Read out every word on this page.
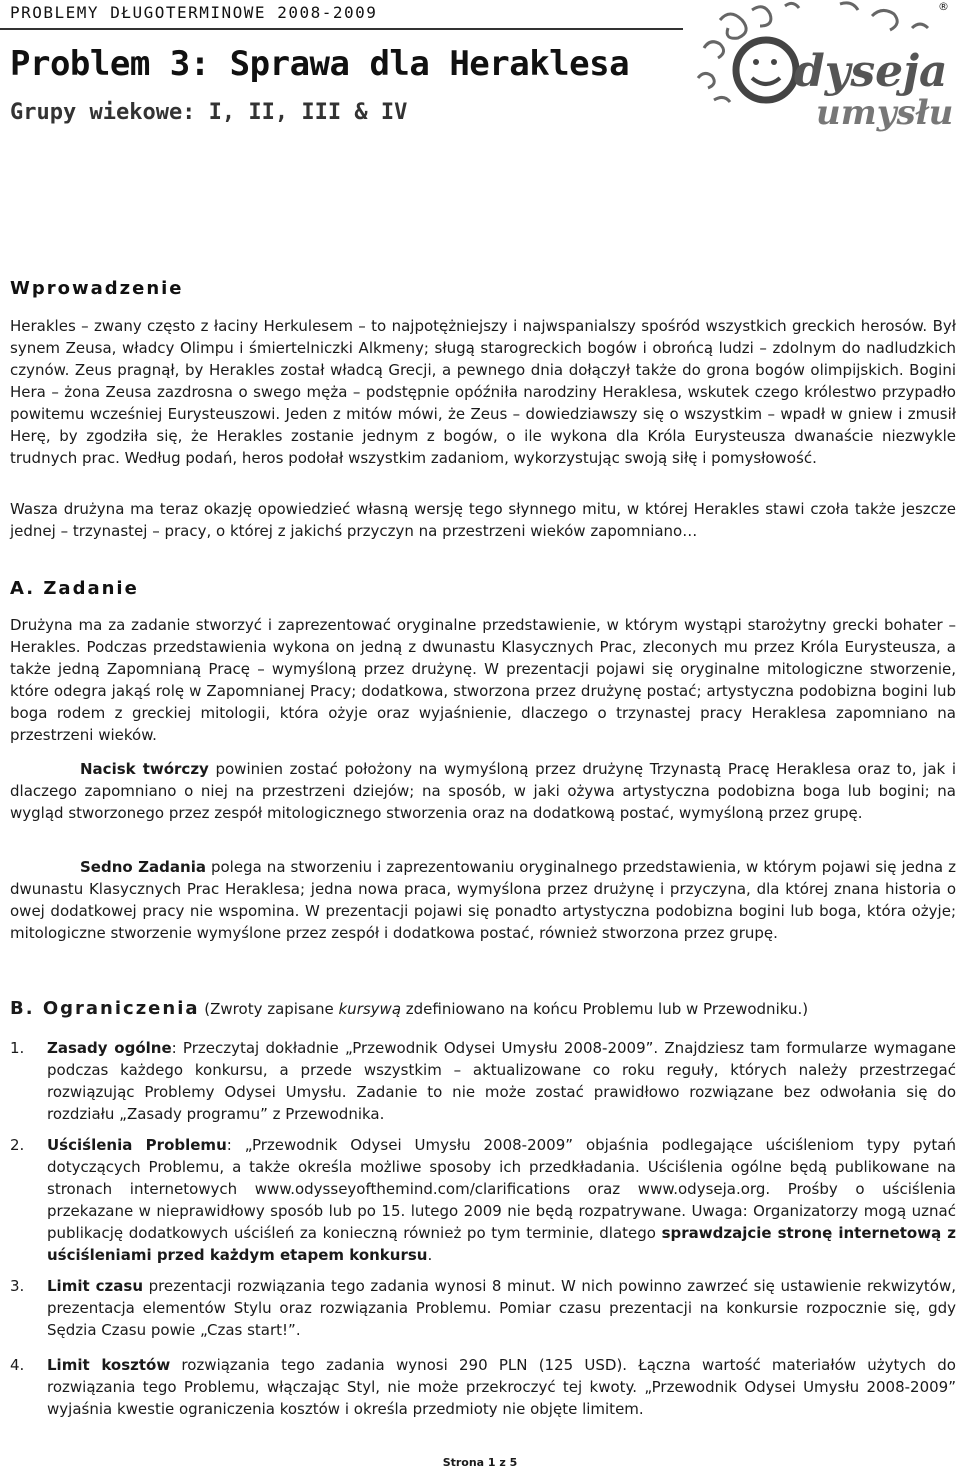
PROBLEMY DŁUGOTERMINOWE 2008-2009
Problem 3: Sprawa dla Heraklesa
Grupy wiekowe: I, II, III & IV
dyseja
umysłu
®
Wprowadzenie
Herakles – zwany często z łaciny Herkulesem – to najpotężniejszy i najwspanialszy spośród wszystkich greckich herosów. Był synem Zeusa, władcy Olimpu i śmiertelniczki Alkmeny; sługą starogreckich bogów i obrońcą ludzi – zdolnym do nadludzkich czynów. Zeus pragnął, by Herakles został władcą Grecji, a pewnego dnia dołączył także do grona bogów olimpijskich. Bogini Hera – żona Zeusa zazdrosna o swego męża – podstępnie opóźniła narodziny Heraklesa, wskutek czego królestwo przypadło powitemu wcześniej Eurysteuszowi. Jeden z mitów mówi, że Zeus – dowiedziawszy się o wszystkim – wpadł w gniew i zmusił Herę, by zgodziła się, że Herakles zostanie jednym z bogów, o ile wykona dla Króla Eurysteusza dwanaście niezwykle trudnych prac. Według podań, heros podołał wszystkim zadaniom, wykorzystując swoją siłę i pomysłowość.
Wasza drużyna ma teraz okazję opowiedzieć własną wersję tego słynnego mitu, w której Herakles stawi czoła także jeszcze jednej – trzynastej – pracy, o której z jakichś przyczyn na przestrzeni wieków zapomniano…
A. Zadanie
Drużyna ma za zadanie stworzyć i zaprezentować oryginalne przedstawienie, w którym wystąpi starożytny grecki bohater – Herakles. Podczas przedstawienia wykona on jedną z dwunastu Klasycznych Prac, zleconych mu przez Króla Eurysteusza, a także jedną Zapomnianą Pracę – wymyśloną przez drużynę. W prezentacji pojawi się oryginalne mitologiczne stworzenie, które odegra jakąś rolę w Zapomnianej Pracy; dodatkowa, stworzona przez drużynę postać; artystyczna podobizna bogini lub boga rodem z greckiej mitologii, która ożyje oraz wyjaśnienie, dlaczego o trzynastej pracy Heraklesa zapomniano na przestrzeni wieków.
Nacisk twórczy powinien zostać położony na wymyśloną przez drużynę Trzynastą Pracę Heraklesa oraz to, jak i dlaczego zapomniano o niej na przestrzeni dziejów; na sposób, w jaki ożywa artystyczna podobizna boga lub bogini; na wygląd stworzonego przez zespół mitologicznego stworzenia oraz na dodatkową postać, wymyśloną przez grupę.
Sedno Zadania polega na stworzeniu i zaprezentowaniu oryginalnego przedstawienia, w którym pojawi się jedna z dwunastu Klasycznych Prac Heraklesa; jedna nowa praca, wymyślona przez drużynę i przyczyna, dla której znana historia o owej dodatkowej pracy nie wspomina. W prezentacji pojawi się ponadto artystyczna podobizna bogini lub boga, która ożyje; mitologiczne stworzenie wymyślone przez zespół i dodatkowa postać, również stworzona przez grupę.
B. Ograniczenia (Zwroty zapisane kursywą zdefiniowano na końcu Problemu lub w Przewodniku.)
1. Zasady ogólne: Przeczytaj dokładnie „Przewodnik Odysei Umysłu 2008-2009”. Znajdziesz tam formularze wymagane podczas każdego konkursu, a przede wszystkim – aktualizowane co roku reguły, których należy przestrzegać rozwiązując Problemy Odysei Umysłu. Zadanie to nie może zostać prawidłowo rozwiązane bez odwołania się do rozdziału „Zasady programu” z Przewodnika.
2. Uściślenia Problemu: „Przewodnik Odysei Umysłu 2008-2009” objaśnia podlegające uściśleniom typy pytań dotyczących Problemu, a także określa możliwe sposoby ich przedkładania. Uściślenia ogólne będą publikowane na stronach internetowych www.odysseyofthemind.com/clarifications oraz www.odyseja.org. Prośby o uściślenia przekazane w nieprawidłowy sposób lub po 15. lutego 2009 nie będą rozpatrywane. Uwaga: Organizatorzy mogą uznać publikację dodatkowych uściśleń za konieczną również po tym terminie, dlatego sprawdzajcie stronę internetową z uściśleniami przed każdym etapem konkursu.
3. Limit czasu prezentacji rozwiązania tego zadania wynosi 8 minut. W nich powinno zawrzeć się ustawienie rekwizytów, prezentacja elementów Stylu oraz rozwiązania Problemu. Pomiar czasu prezentacji na konkursie rozpocznie się, gdy Sędzia Czasu powie „Czas start!”.
4. Limit kosztów rozwiązania tego zadania wynosi 290 PLN (125 USD). Łączna wartość materiałów użytych do rozwiązania tego Problemu, włączając Styl, nie może przekroczyć tej kwoty. „Przewodnik Odysei Umysłu 2008-2009” wyjaśnia kwestie ograniczenia kosztów i określa przedmioty nie objęte limitem.
Strona 1 z 5
